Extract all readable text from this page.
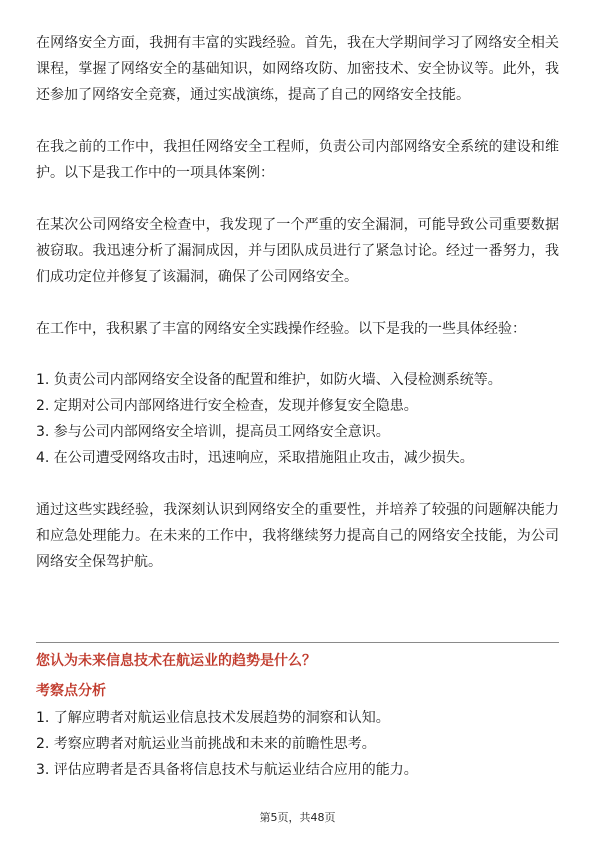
在网络安全方面，我拥有丰富的实践经验。首先，我在大学期间学习了网络安全相关课程，掌握了网络安全的基础知识，如网络攻防、加密技术、安全协议等。此外，我还参加了网络安全竞赛，通过实战演练，提高了自己的网络安全技能。

在我之前的工作中，我担任网络安全工程师，负责公司内部网络安全系统的建设和维护。以下是我工作中的一项具体案例：

在某次公司网络安全检查中，我发现了一个严重的安全漏洞，可能导致公司重要数据被窃取。我迅速分析了漏洞成因，并与团队成员进行了紧急讨论。经过一番努力，我们成功定位并修复了该漏洞，确保了公司网络安全。

在工作中，我积累了丰富的网络安全实践操作经验。以下是我的一些具体经验：

1. 负责公司内部网络安全设备的配置和维护，如防火墙、入侵检测系统等。

2. 定期对公司内部网络进行安全检查，发现并修复安全隐患。

3. 参与公司内部网络安全培训，提高员工网络安全意识。

4. 在公司遭受网络攻击时，迅速响应，采取措施阻止攻击，减少损失。

通过这些实践经验，我深刻认识到网络安全的重要性，并培养了较强的问题解决能力和应急处理能力。在未来的工作中，我将继续努力提高自己的网络安全技能，为公司网络安全保驾护航。

您认为未来信息技术在航运业的趋势是什么？

考察点分析

1. 了解应聘者对航运业信息技术发展趋势的洞察和认知。

2. 考察应聘者对航运业当前挑战和未来的前瞻性思考。

3. 评估应聘者是否具备将信息技术与航运业结合应用的能力。

第5页，共48页
